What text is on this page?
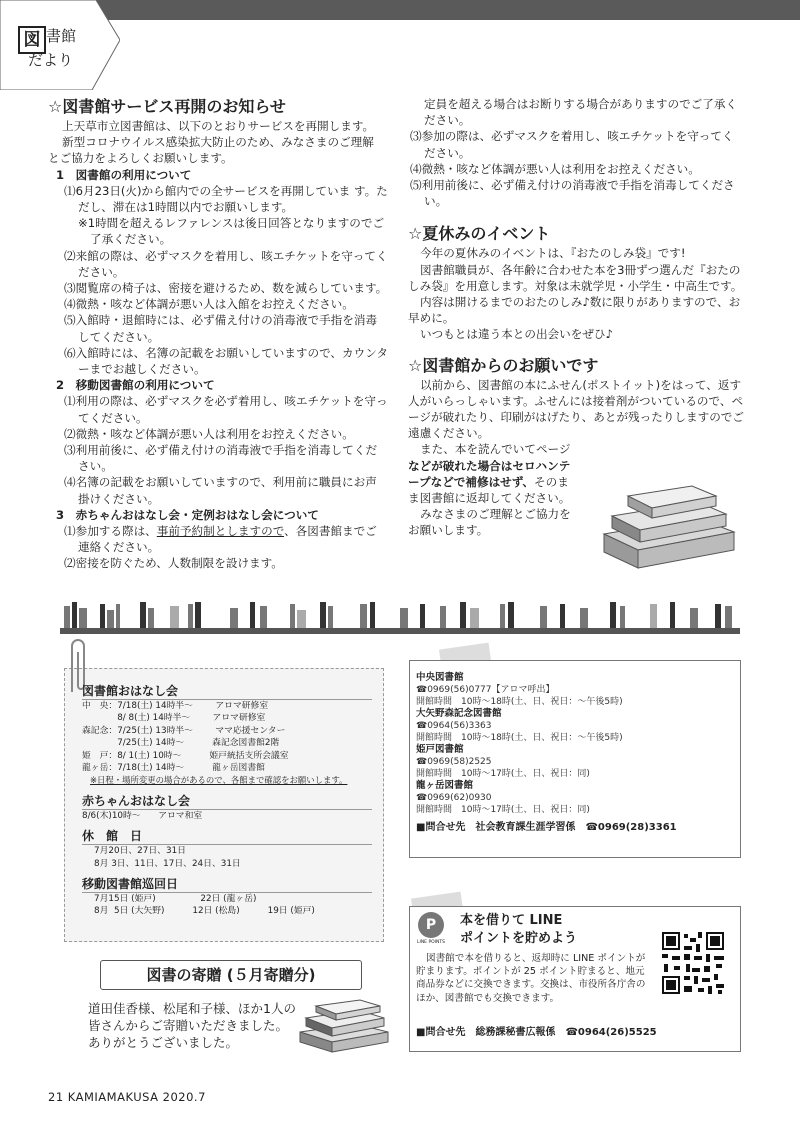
図 書館
だより
☆図書館サービス再開のお知らせ

上天草市立図書館は、以下のとおりサービスを再開します。

新型コロナウイルス感染拡大防止のため、みなさまのご理解

とご協力をよろしくお願いします。

1　図書館の利用について

⑴6月23日(火)から館内での全サービスを再開していま す。ただし、滞在は1時間以内でお願いします。

※1時間を超えるレファレンスは後日回答となりますのでご了承ください。

⑵来館の際は、必ずマスクを着用し、咳エチケットを守ってください。

⑶閲覧席の椅子は、密接を避けるため、数を減らしています。

⑷微熱・咳など体調が悪い人は入館をお控えください。

⑸入館時・退館時には、必ず備え付けの消毒液で手指を消毒してください。

⑹入館時には、名簿の記載をお願いしていますので、カウンターまでお越しください。

2　移動図書館の利用について

⑴利用の際は、必ずマスクを必ず着用し、咳エチケットを守ってください。

⑵微熱・咳など体調が悪い人は利用をお控えください。

⑶利用前後に、必ず備え付けの消毒液で手指を消毒してください。

⑷名簿の記載をお願いしていますので、利用前に職員にお声掛けください。

3　赤ちゃんおはなし会・定例おはなし会について

⑴参加する際は、事前予約制としますので、各図書館までご連絡ください。

⑵密接を防ぐため、人数制限を設けます。

定員を超える場合はお断りする場合がありますのでご了承ください。

⑶参加の際は、必ずマスクを着用し、咳エチケットを守ってください。

⑷微熱・咳など体調が悪い人は利用をお控えください。

⑸利用前後に、必ず備え付けの消毒液で手指を消毒してください。

☆夏休みのイベント

今年の夏休みのイベントは、『おたのしみ袋』です!

図書館職員が、各年齢に合わせた本を3冊ずつ選んだ『おたのしみ袋』を用意します。対象は未就学児・小学生・中高生です。

内容は開けるまでのおたのしみ♪数に限りがありますので、お早めに。

いつもとは違う本との出会いをぜひ♪

☆図書館からのお願いです

以前から、図書館の本にふせん(ポストイット)をはって、返す人がいらっしゃいます。ふせんには接着剤がついているので、ページが破れたり、印刷がはげたり、あとが残ったりしますのでご遠慮ください。

また、本を読んでいてページなどが破れた場合はセロハンテープなどで補修はせず、そのまま図書館に返却してください。

みなさまのご理解とご協力をお願いします。

図書館おはなし会

中　央：7/18(土) 14時半～        アロマ研修室

　　　　8/ 8(土) 14時半～        アロマ研修室

森記念：7/25(土) 13時半～        ママ応援センター

　　　　7/25(土) 14時～          森記念図書館2階

姫　戸：8/ 1(土) 10時～          姫戸統括支所会議室

龍ヶ岳：7/18(土) 14時～          龍ヶ岳図書館

※日程・場所変更の場合があるので、各館まで確認をお願いします。

赤ちゃんおはなし会

8/6(木)10時～　　アロマ和室

休　館　日

7月20日、27日、31日

8月 3日、11日、17日、24日、31日

移動図書館巡回日

7月15日 (姫戸)                22日 (龍ヶ岳)

8月  5日 (大矢野)          12日 (松島)          19日 (姫戸)

中央図書館

☎0969(56)0777【アロマ呼出】

開館時間　10時～18時(土、日、祝日：～午後5時)

大矢野森記念図書館

☎0964(56)3363

開館時間　10時～18時(土、日、祝日：～午後5時)

姫戸図書館

☎0969(58)2525

開館時間　10時～17時(土、日、祝日：同)

龍ヶ岳図書館

☎0969(62)0930

開館時間　10時～17時(土、日、祝日：同)

■問合せ先　社会教育課生涯学習係　☎0969(28)3361

P
LINE POINTS
本を借りて LINE
ポイントを貯めよう
図書館で本を借りると、返却時に LINE ポイントが貯まります。ポイントが 25 ポイント貯まると、地元商品券などに交換できます。交換は、市役所各庁舎のほか、図書館でも交換できます。
■問合せ先　総務課秘書広報係　☎0964(26)5525
図書の寄贈 (５月寄贈分)

道田佳香様、松尾和子様、ほか1人の

皆さんからご寄贈いただきました。

ありがとうございました。

21 KAMIAMAKUSA 2020.7
